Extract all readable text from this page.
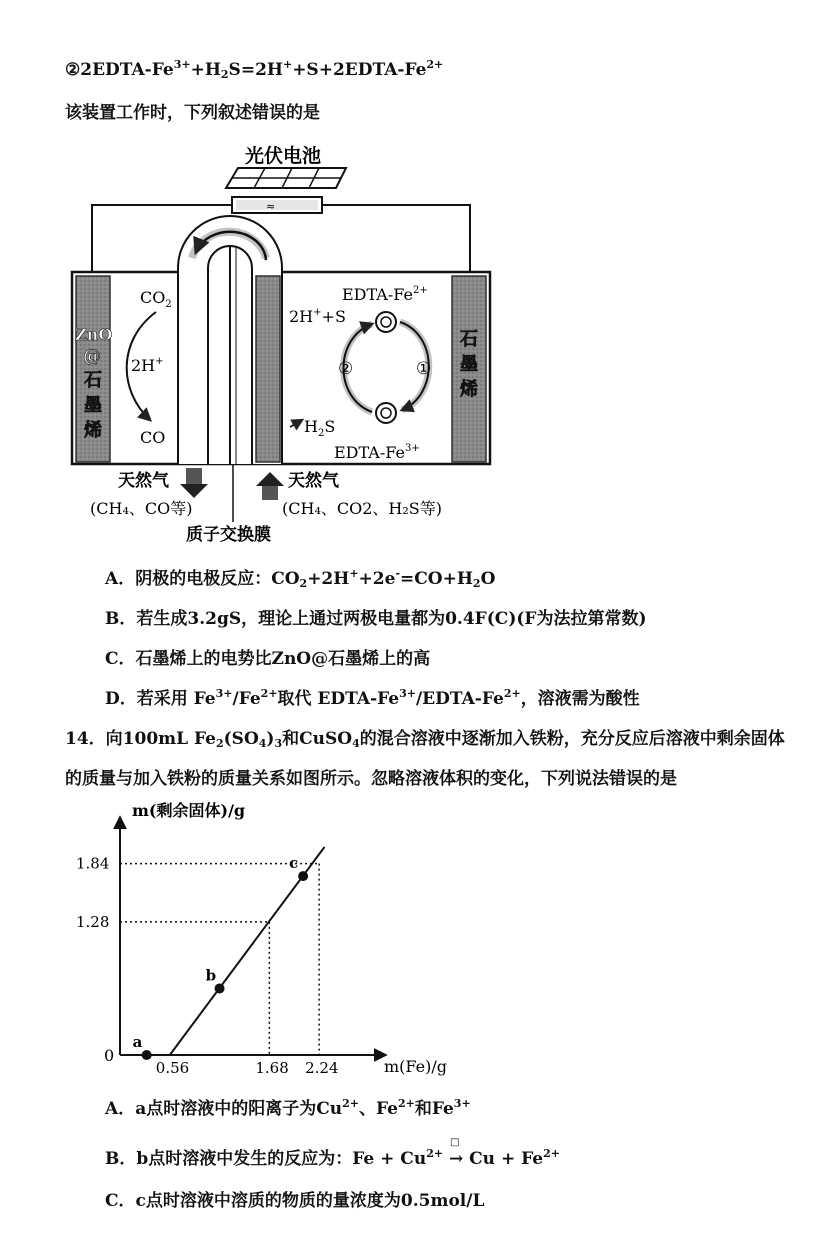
$②2EDTA-Fe^{3+}+H_2S=2H^++S+2EDTA-Fe^{2+}$
该装置工作时，下列叙述错误的是
光伏电池
≈
ZnO
@
石
墨
烯
石
墨
烯
$CO_2$
2H+
CO
EDTA-$Fe^{2+}$
2H++S
EDTA-$Fe^{3+}$
$H_2S$
②	①
天然气
(CH₄、CO等)
天然气
(CH₄、CO2、H₂S等)
质子交换膜
A．阴极的电极反应：$CO_2+2H^++2e^-=CO+H_2O$
B．若生成3.2gS，理论上通过两极电量都为0.4F(C)(F为法拉第常数)
C．石墨烯上的电势比ZnO@石墨烯上的高
D．若采用 $Fe^{3+}/Fe^{2+}$取代 EDTA-$Fe^{3+}/EDTA-Fe^{2+}$，溶液需为酸性
14．向100mL $Fe_2(SO_4)_3$和CuSO$_4$的混合溶液中逐渐加入铁粉，充分反应后溶液中剩余固体
的质量与加入铁粉的质量关系如图所示。忽略溶液体积的变化，下列说法错误的是
m(剩余固体)/g
m(Fe)/g
0
0.56	1.68 2.24
1.84
1.28
a
b
c
A．a点时溶液中的阳离子为$Cu^{2+}$、$Fe^{2+}$和$Fe^{3+}$
B．b点时溶液中发生的反应为：$Fe + Cu^{2+}$
□
→ $Cu + Fe^{2+}$
C．c点时溶液中溶质的物质的量浓度为0.5mol/L
